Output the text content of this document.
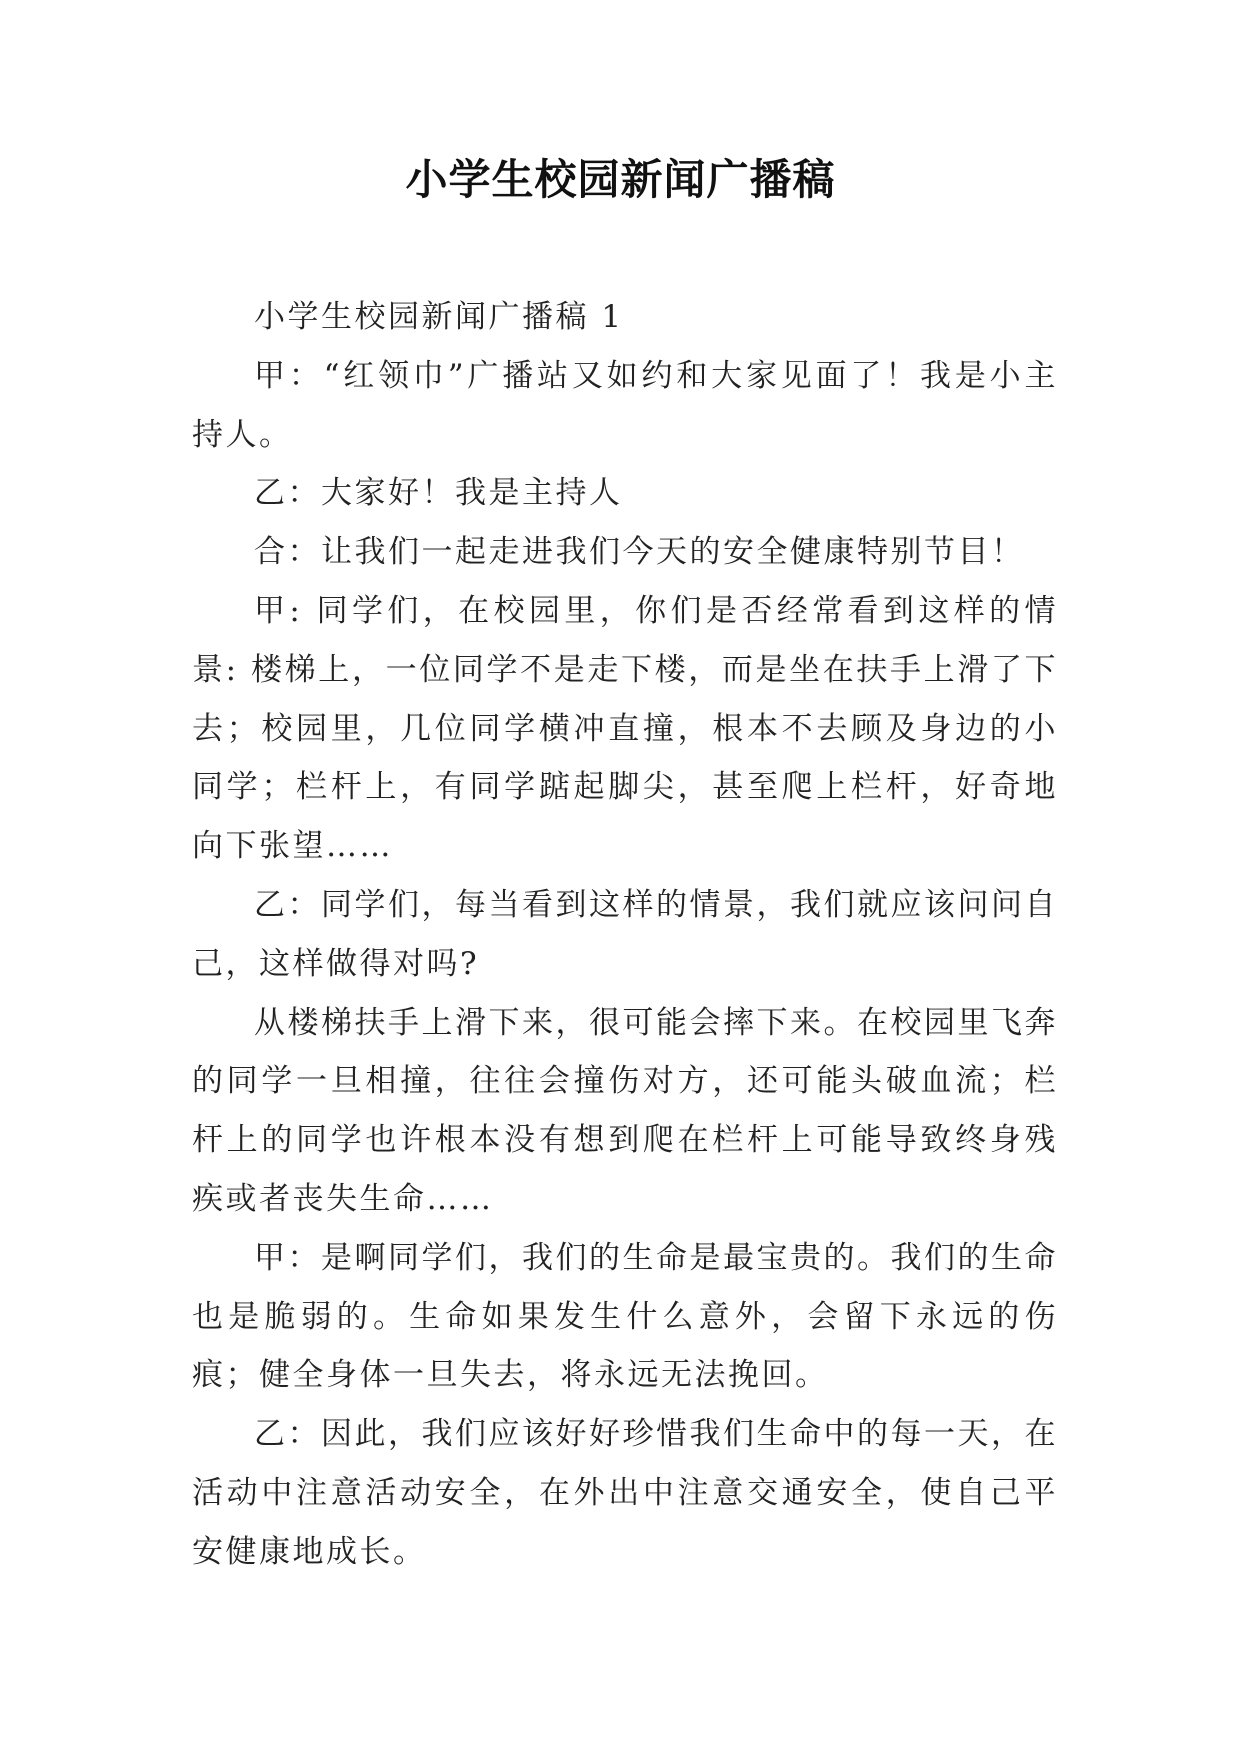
小学生校园新闻广播稿

小学生校园新闻广播稿 1

甲：“红领巾”广播站又如约和大家见面了！我是小主持人。

乙：大家好！我是主持人

合：让我们一起走进我们今天的安全健康特别节目！

甲: 同学们，在校园里，你们是否经常看到这样的情景: 楼梯上，一位同学不是走下楼，而是坐在扶手上滑了下去；校园里，几位同学横冲直撞，根本不去顾及身边的小同学；栏杆上，有同学踮起脚尖，甚至爬上栏杆，好奇地向下张望……

乙：同学们，每当看到这样的情景，我们就应该问问自己，这样做得对吗?

从楼梯扶手上滑下来，很可能会摔下来。在校园里飞奔的同学一旦相撞，往往会撞伤对方，还可能头破血流；栏杆上的同学也许根本没有想到爬在栏杆上可能导致终身残疾或者丧失生命……

甲：是啊同学们，我们的生命是最宝贵的。我们的生命也是脆弱的。生命如果发生什么意外，会留下永远的伤痕；健全身体一旦失去，将永远无法挽回。

乙：因此，我们应该好好珍惜我们生命中的每一天，在活动中注意活动安全，在外出中注意交通安全，使自己平安健康地成长。
